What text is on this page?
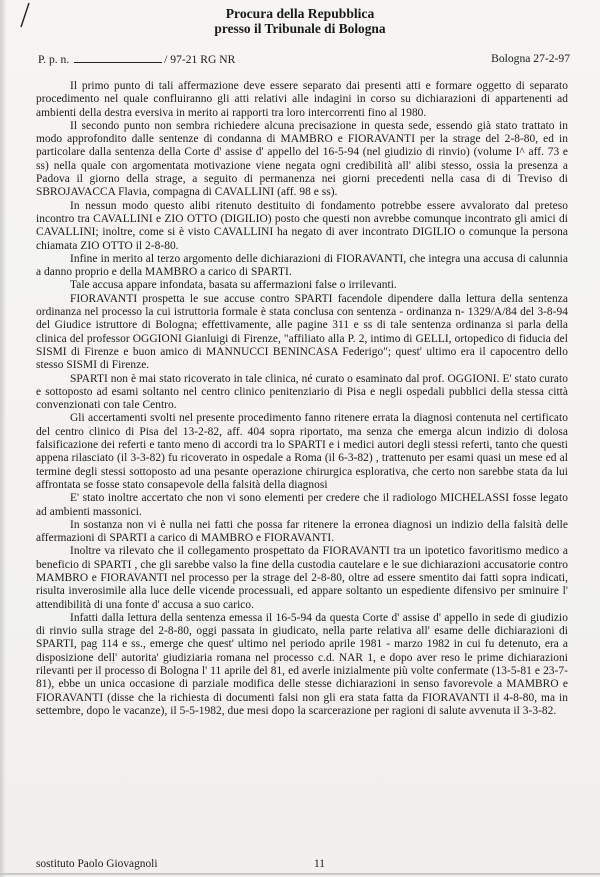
Procura della Repubblica
presso il Tribunale di Bologna
P. p. n.	/ 97-21 RG NR	Bologna 27-2-97

Il primo punto di tali affermazione deve essere separato dai presenti atti e formare oggetto di separato procedimento nel quale confluiranno gli atti relativi alle indagini in corso su dichiarazioni di appartenenti ad ambienti della destra eversiva in merito ai rapporti tra loro intercorrenti fino al 1980.

Il secondo punto non sembra richiedere alcuna precisazione in questa sede, essendo già stato trattato in modo approfondito dalle sentenze di condanna di MAMBRO e FIORAVANTI per la strage del 2-8-80, ed in particolare dalla sentenza della Corte d' assise d' appello del 16-5-94 (nel giudizio di rinvio) (volume I^ aff. 73 e ss) nella quale con argomentata motivazione viene negata ogni credibilità all' alibi stesso, ossia la presenza a Padova il giorno della strage, a seguito di permanenza nei giorni precedenti nella casa di di Treviso di SBROJAVACCA Flavia, compagna di CAVALLINI (aff. 98 e ss).

In nessun modo questo alibi ritenuto destituito di fondamento potrebbe essere avvalorato dal preteso incontro tra CAVALLINI e ZIO OTTO (DIGILIO) posto che questi non avrebbe comunque incontrato gli amici di CAVALLINI; inoltre, come si è visto CAVALLINI ha negato di aver incontrato DIGILIO o comunque la persona chiamata ZIO OTTO il 2-8-80.

Infine in merito al terzo argomento delle dichiarazioni di FIORAVANTI, che integra una accusa di calunnia a danno proprio e della MAMBRO a carico di SPARTI.

Tale accusa appare infondata, basata su affermazioni false o irrilevanti.

FIORAVANTI prospetta le sue accuse contro SPARTI facendole dipendere dalla lettura della sentenza ordinanza nel processo la cui istruttoria formale è stata conclusa con sentenza - ordinanza n- 1329/A/84 del 3-8-94 del Giudice istruttore di Bologna; effettivamente, alle pagine 311 e ss di tale sentenza ordinanza si parla della clinica del professor OGGIONI Gianluigi di Firenze, "affiliato alla P. 2, intimo di GELLI, ortopedico di fiducia del SISMI di Firenze e buon amico di MANNUCCI BENINCASA Federigo"; quest' ultimo era il capocentro dello stesso SISMI di Firenze.

SPARTI non è mai stato ricoverato in tale clinica, né curato o esaminato dal prof. OGGIONI. E' stato curato e sottoposto ad esami soltanto nel centro clinico penitenziario di Pisa e negli ospedali pubblici della stessa città convenzionati con tale Centro.

Gli accertamenti svolti nel presente procedimento fanno ritenere errata la diagnosi contenuta nel certificato del centro clinico di Pisa del 13-2-82, aff. 404 sopra riportato, ma senza che emerga alcun indizio di dolosa falsificazione dei referti e tanto meno di accordi tra lo SPARTI e i medici autori degli stessi referti, tanto che questi appena rilasciato (il 3-3-82) fu ricoverato in ospedale a Roma (il 6-3-82) , trattenuto per esami quasi un mese ed al termine degli stessi sottoposto ad una pesante operazione chirurgica esplorativa, che certo non sarebbe stata da lui affrontata se fosse stato consapevole della falsità della diagnosi

E' stato inoltre accertato che non vi sono elementi per credere che il radiologo MICHELASSI fosse legato ad ambienti massonici.

In sostanza non vi è nulla nei fatti che possa far ritenere la erronea diagnosi un indizio della falsità delle affermazioni di SPARTI a carico di MAMBRO e FIORAVANTI.

Inoltre va rilevato che il collegamento prospettato da FIORAVANTI tra un ipotetico favoritismo medico a beneficio di SPARTI , che gli sarebbe valso la fine della custodia cautelare e le sue dichiarazioni accusatorie contro MAMBRO e FIORAVANTI nel processo per la strage del 2-8-80, oltre ad essere smentito dai fatti sopra indicati, risulta inverosimile alla luce delle vicende processuali, ed appare soltanto un espediente difensivo per sminuire l' attendibilità di una fonte d' accusa a suo carico.

Infatti dalla lettura della sentenza emessa il 16-5-94 da questa Corte d' assise d' appello in sede di giudizio di rinvio sulla strage del 2-8-80, oggi passata in giudicato, nella parte relativa all' esame delle dichiarazioni di SPARTI, pag 114 e ss., emerge che quest' ultimo nel periodo aprile 1981 - marzo 1982 in cui fu detenuto, era a disposizione dell' autorita' giudiziaria romana nel processo c.d. NAR 1, e dopo aver reso le prime dichiarazioni rilevanti per il processo di Bologna l' 11 aprile del 81, ed averle inizialmente più volte confermate (13-5-81 e 23-7-81), ebbe un unica occasione di parziale modifica delle stesse dichiarazioni in senso favorevole a MAMBRO e FIORAVANTI (disse che la richiesta di documenti falsi non gli era stata fatta da FIORAVANTI il 4-8-80, ma in settembre, dopo le vacanze), il 5-5-1982, due mesi dopo la scarcerazione per ragioni di salute avvenuta il 3-3-82.

sostituto Paolo Giovagnoli	11
